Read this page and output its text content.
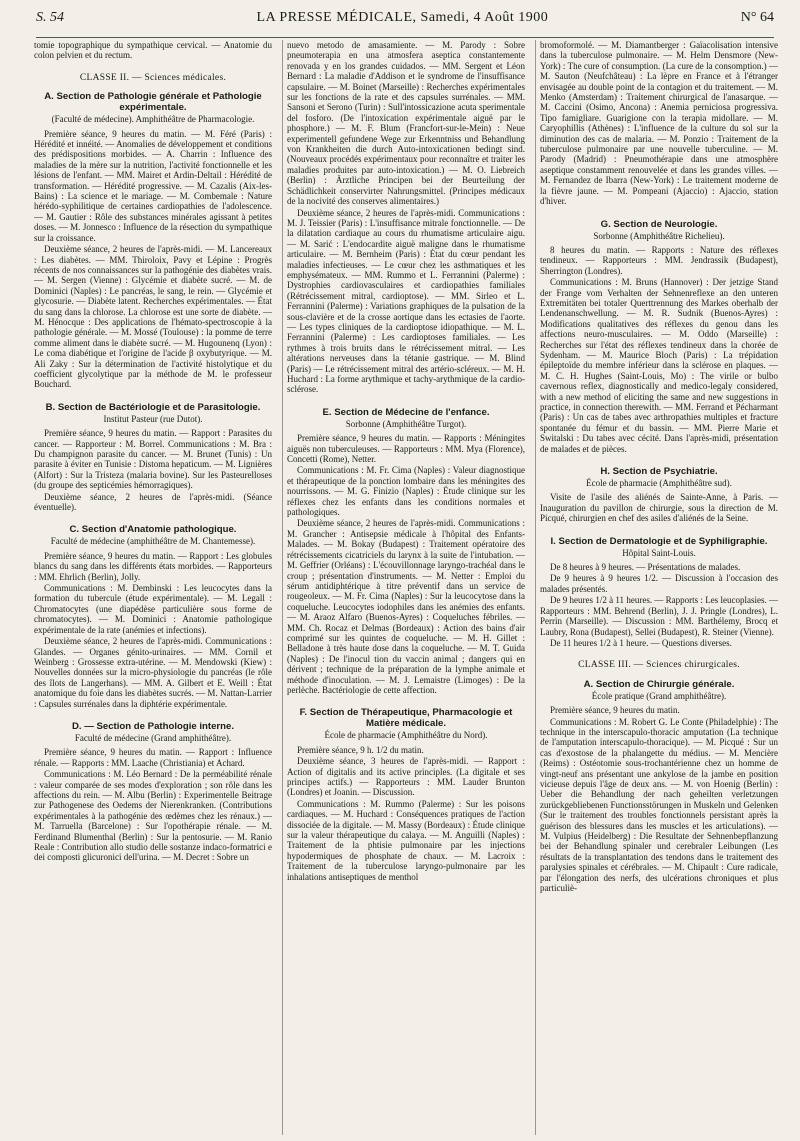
S. 54	LA PRESSE MÉDICALE, Samedi, 4 Août 1900	N° 64

tomie topographique du sympathique cervical. — Anatomie du colon pelvien et du rectum.

CLASSE II. — Sciences médicales.
A. Section de Pathologie générale et Pathologie expérimentale.
(Faculté de médecine). Amphithéâtre de Pharmacologie.

Première séance, 9 heures du matin. — M. Féré (Paris) : Hérédité et innéité. — Anomalies de développement et conditions des prédispositions morbides. — A. Charrin : Influence des maladies de la mère sur la nutrition, l'activité fonctionnelle et les lésions de l'enfant. — MM. Mairet et Ardin-Deltail : Hérédité de transformation. — Hérédité progressive. — M. Cazalis (Aix-les-Bains) : La science et le mariage. — M. Combemale : Nature hérédo-syphilitique de certaines cardiopathies de l'adolescence. — M. Gautier : Rôle des substances minérales agissant à petites doses. — M. Jonnesco : Influence de la résection du sympathique sur la croissance.

Deuxième séance, 2 heures de l'après-midi. — M. Lancereaux : Les diabètes. — MM. Thiroloix, Pavy et Lépine : Progrès récents de nos connaissances sur la pathogénie des diabètes vrais. — M. Sergen (Vienne) : Glycémie et diabète sucré. — M. de Dominici (Naples) : Le pancréas, le sang, le rein. — Glycémie et glycosurie. — Diabète latent. Recherches expérimentales. — État du sang dans la chlorose. La chlorose est une sorte de diabète. — M. Hénocque : Des applications de l'hémato-spectroscopie à la pathologie générale. — M. Mossé (Toulouse) : la pomme de terre comme aliment dans le diabète sucré. — M. Hugounenq (Lyon) : Le coma diabétique et l'origine de l'acide β oxybutyrique. — M. Ali Zaky : Sur la détermination de l'activité histolytique et du coefficient glycolytique par la méthode de M. le professeur Bouchard.

B. Section de Bactériologie et de Parasitologie.
Institut Pasteur (rue Dutot).

Première séance, 9 heures du matin. — Rapport : Parasites du cancer. — Rapporteur : M. Borrel. Communications : M. Bra : Du champignon parasite du cancer. — M. Brunet (Tunis) : Un parasite à éviter en Tunisie : Distoma hepaticum. — M. Lignières (Alfort) : Sur la Tristeza (malaria bovine). Sur les Pasteurelloses (du groupe des septicémies hémorragiques).

Deuxième séance, 2 heures de l'après-midi. (Séance éventuelle).

C. Section d'Anatomie pathologique.
Faculté de médecine (amphithéâtre de M. Chantemesse).

Première séance, 9 heures du matin. — Rapport : Les globules blancs du sang dans les différents états morbides. — Rapporteurs : MM. Ehrlich (Berlin), Jolly.

Communications : M. Dembinski : Les leucocytes dans la formation du tubercule (étude expérimentale). — M. Legall : Chromatocytes (une diapédèse particulière sous forme de chromatocytes). — M. Dominici : Anatomie pathologique expérimentale de la rate (anémies et infections).

Deuxième séance, 2 heures de l'après-midi. Communications : Glandes. — Organes génito-urinaires. — MM. Cornil et Weinberg : Grossesse extra-utérine. — M. Mendowski (Kiew) : Nouvelles données sur la micro-physiologie du pancréas (le rôle des îlots de Langerhans). — MM. A. Gilbert et E. Weill : État anatomique du foie dans les diabètes sucrés. — M. Nattan-Larrier : Capsules surrénales dans la diphtérie expérimentale.

D. — Section de Pathologie interne.
Faculté de médecine (Grand amphithéâtre).

Première séance, 9 heures du matin. — Rapport : Influence rénale. — Rapports : MM. Laache (Christiania) et Achard.

Communications : M. Léo Bernard : De la perméabilité rénale : valeur comparée de ses modes d'exploration ; son rôle dans les affections du rein. — M. Albu (Berlin) : Experimentelle Beitrage zur Pathogenese des Oedems der Nierenkranken. (Contributions expérimentales à la pathogénie des œdèmes chez les rénaux.) — M. Tarruella (Barcelone) : Sur l'opothérapie rénale. — M. Ferdinand Blumenthal (Berlin) : Sur la pentosurie. — M. Ranio Reale : Contribution allo studio delle sostanze indaco-formatrici e dei composti glicuronici dell'urina. — M. Decret : Sobre un

nuevo metodo de amasamiente. — M. Parody : Sobre pneumoterapia en una atmosfera aseptica constantemente renovada y en los grandes cuidados. — MM. Sergent et Léon Bernard : La maladie d'Addison et le syndrome de l'insuffisance capsulaire. — M. Boinet (Marseille) : Recherches expérimentales sur les fonctions de la rate et des capsules surrénales. — MM. Sansoni et Serono (Turin) : Sull'intossicazione acuta sperimentale del fosforo. (De l'intoxication expérimentale aiguë par le phosphore.) — M. F. Blum (Francfort-sur-le-Mein) : Neue experimentell gefundene Wege zur Erkenntniss und Behandlung von Krankheiten die durch Auto-intoxicationen bedingt sind. (Nouveaux procédés expérimentaux pour reconnaître et traiter les maladies produites par auto-intoxication.) — M. O. Liebreich (Berlin) : Ärztliche Principen bei der Beurteilung der Schädlichkeit conservirter Nahrungsmittel. (Principes médicaux de la nocivité des conserves alimentaires.)

Deuxième séance, 2 heures de l'après-midi. Communications : M. J. Teissier (Paris) : L'insuffisance mitrale fonctionnelle. — De la dilatation cardiaque au cours du rhumatisme articulaire aigu. — M. Sarić : L'endocardite aiguë maligne dans le rhumatisme articulaire. — M. Bernheim (Paris) : État du cœur pendant les maladies infectieuses. — Le cœur chez les asthmatiques et les emphysémateux. — MM. Rummo et L. Ferrannini (Palerme) : Dystrophies cardiovasculaires et cardiopathies familiales (Rétrécissement mitral, cardioptose). — MM. Sirleo et L. Ferrannini (Palerme) : Variations graphiques de la pulsation de la sous-clavière et de la crosse aortique dans les ectasies de l'aorte. — Les types cliniques de la cardioptose idiopathique. — M. L. Ferrannini (Palerme) : Les cardioptoses familiales. — Les rythmes à trois bruits dans le rétrécissement mitral. — Les altérations nerveuses dans la tétanie gastrique. — M. Blind (Paris) — Le rétrécissement mitral des artério-scléreux. — M. H. Huchard : La forme arythmique et tachy-arythmique de la cardio-sclérose.

E. Section de Médecine de l'enfance.
Sorbonne (Amphithéâtre Turgot).

Première séance, 9 heures du matin. — Rapports : Méningites aiguës non tuberculeuses. — Rapporteurs : MM. Mya (Florence), Concetti (Rome), Netter.

Communications : M. Fr. Cima (Naples) : Valeur diagnostique et thérapeutique de la ponction lombaire dans les méningites des nourrissons. — M. G. Finizio (Naples) : Étude clinique sur les réflexes chez les enfants dans les conditions normales et pathologiques.

Deuxième séance, 2 heures de l'après-midi. Communications : M. Grancher : Antisepsie médicale à l'hôpital des Enfants-Malades. — M. Bokay (Budapest) : Traitement opératoire des rétrécissements cicatriciels du larynx à la suite de l'intubation. — M. Geffrier (Orléans) : L'écouvillonnage laryngo-trachéal dans le croup ; présentation d'instruments. — M. Netter : Emploi du sérum antidiphtérique à titre préventif dans un service de rougeoleux. — M. Fr. Cima (Naples) : Sur la leucocytose dans la coqueluche. Leucocytes iodophiles dans les anémies des enfants. — M. Araoz Alfaro (Buenos-Ayres) : Coqueluches fébriles. — MM. Ch. Rocaz et Delmas (Bordeaux) : Action des bains d'air comprimé sur les quintes de coqueluche. — M. H. Gillet : Belladone à très haute dose dans la coqueluche. — M. T. Guida (Naples) : De l'inocul tion du vaccin animal ; dangers qui en dérivent ; technique de la préparation de la lymphe animale et méthode d'inoculation. — M. J. Lemaistre (Limoges) : De la perlèche. Bactériologie de cette affection.

F. Section de Thérapeutique, Pharmacologie et Matière médicale.
École de pharmacie (Amphithéâtre du Nord).

Première séance, 9 h. 1/2 du matin.

Deuxième séance, 3 heures de l'après-midi. — Rapport : Action of digitalis and its active principles. (La digitale et ses principes actifs.) — Rapporteurs : MM. Lauder Brunton (Londres) et Joanin. — Discussion.

Communications : M. Rummo (Palerme) : Sur les poisons cardiaques. — M. Huchard : Conséquences pratiques de l'action dissociée de la digitale. — M. Massy (Bordeaux) : Étude clinique sur la valeur thérapeutique du calaya. — M. Anguilli (Naples) : Traitement de la phtisie pulmonaire par les injections hypodermiques de phosphate de chaux. — M. Lacroix : Traitement de la tuberculose laryngo-pulmonaire par les inhalations antiseptiques de menthol

bromoformolé. — M. Diamantberger : Gaïacolisation intensive dans la tuberculose pulmonaire. — M. Helm Densmore (New-York) : The cure of consumption. (La cure de la consomption.) — M. Sauton (Neufchâteau) : La lèpre en France et à l'étranger envisagée au double point de la contagion et du traitement. — M. Menko (Amsterdam) : Traitement chirurgical de l'anasarque. — M. Caccini (Osimo, Ancona) : Anemia perniciosa progressiva. Tipo famigliare. Guarigione con la terapia midollare. — M. Caryophillis (Athènes) : L'influence de la culture du sol sur la diminution des cas de malaria. — M. Ponzio : Traitement de la tuberculose pulmonaire par une nouvelle tuberculine. — M. Parody (Madrid) : Pneumothérapie dans une atmosphère aseptique constamment renouvelée et dans les grandes villes. — M. Fernandez de Ibarra (New-York) : Le traitement moderne de la fièvre jaune. — M. Pompeani (Ajaccio) : Ajaccio, station d'hiver.

G. Section de Neurologie.
Sorbonne (Amphithéâtre Richelieu).

8 heures du matin. — Rapports : Nature des réflexes tendineux. — Rapporteurs : MM. Jendrassik (Budapest), Sherrington (Londres).

Communications : M. Bruns (Hannover) : Der jetzige Stand der Frange vom Verhalten der Sehnenreflexe an den unteren Extremitäten bei totaler Querttrennung des Markes oberhalb der Lendenanschwellung. — M. R. Sudnik (Buenos-Ayres) : Modifications qualitatives des réflexes du genou dans les affections neuro-musculaires. — M. Oddo (Marseille) : Recherches sur l'état des réflexes tendineux dans la chorée de Sydenham. — M. Maurice Bloch (Paris) : La trépidation épileptoïde du membre inférieur dans la sclérose en plaques. — M. C. H. Hughes (Saint-Louis, Mo) : The virile or bulbo cavernous reflex, diagnostically and medico-legaly considered, with a new method of eliciting the same and new suggestions in practice, in connection therewith. — MM. Ferrand et Pécharmant (Paris) : Un cas de tabes avec arthropathies multiples et fracture spontanée du fémur et du bassin. — MM. Pierre Marie et Switalski : Du tabes avec cécité. Dans l'après-midi, présentation de malades et de pièces.

H. Section de Psychiatrie.
École de pharmacie (Amphithéâtre sud).

Visite de l'asile des aliénés de Sainte-Anne, à Paris. — Inauguration du pavillon de chirurgie, sous la direction de M. Picqué, chirurgien en chef des asiles d'aliénés de la Seine.

I. Section de Dermatologie et de Syphiligraphie.
Hôpital Saint-Louis.

De 8 heures à 9 heures. — Présentations de malades.

De 9 heures à 9 heures 1/2. — Discussion à l'occasion des malades présentés.

De 9 heures 1/2 à 11 heures. — Rapports : Les leucoplasies. — Rapporteurs : MM. Behrend (Berlin), J. J. Pringle (Londres), L. Perrin (Marseille). — Discussion : MM. Barthélemy, Brocq et Laubry, Rona (Budapest), Sellei (Budapest), R. Steiner (Vienne).

De 11 heures 1/2 à 1 heure. — Questions diverses.

CLASSE III. — Sciences chirurgicales.
A. Section de Chirurgie générale.
École pratique (Grand amphithéâtre).

Première séance, 9 heures du matin.

Communications : M. Robert G. Le Conte (Philadelphie) : The technique in the interscapulo-thoracic amputation (La technique de l'amputation interscapulo-thoracique). — M. Picqué : Sur un cas d'exostose de la phalangette du médius. — M. Mencière (Reims) : Ostéotomie sous-trochantérienne chez un homme de vingt-neuf ans présentant une ankylose de la jambe en position vicieuse depuis l'âge de deux ans. — M. von Hoenig (Berlin) : Ueber die Behandlung der nach geheilten verletzungen zurückgebliebenen Functionsstörungen in Muskeln und Gelenken (Sur le traitement des troubles fonctionnels persistant après la guérison des blessures dans les muscles et les articulations). — M. Vulpius (Heidelberg) : Die Resultate der Sehnenbepflanzung bei der Behandlung spinaler und cerebraler Leibungen (Les résultats de la transplantation des tendons dans le traitement des paralysies spinales et cérébrales. — M. Chipault : Cure radicale, par l'élongation des nerfs, des ulcérations chroniques et plus particuliè-
